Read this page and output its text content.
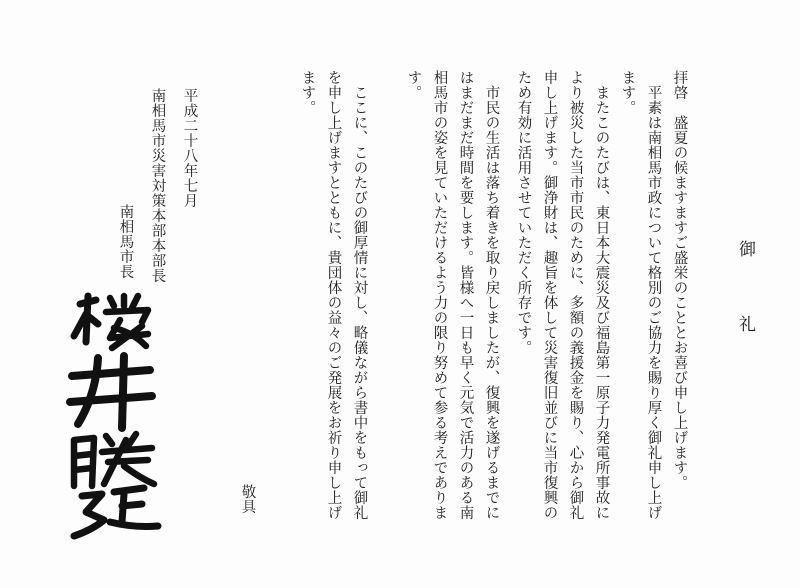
御礼
拝啓　盛夏の候ますますご盛栄のこととお喜び申し上げます。
　平素は南相馬市政について格別のご協力を賜り厚く御礼申し上げ
ます。
　またこのたびは、東日本大震災及び福島第一原子力発電所事故に
より被災した当市市民のために、多額の義援金を賜り、心から御礼
申し上げます。御浄財は、趣旨を体して災害復旧並びに当市復興の
ため有効に活用させていただく所存です。
　市民の生活は落ち着きを取り戻しましたが、復興を遂げるまでに
はまだまだ時間を要します。皆様へ一日も早く元気で活力のある南
相馬市の姿を見ていただけるよう力の限り努めて参る考えでありま
す。
　ここに、このたびの御厚情に対し、略儀ながら書中をもって御礼
を申し上げますとともに、貴団体の益々のご発展をお祈り申し上げ
ます。
敬具
平成二十八年七月
南相馬市災害対策本部本部長
南相馬市長
